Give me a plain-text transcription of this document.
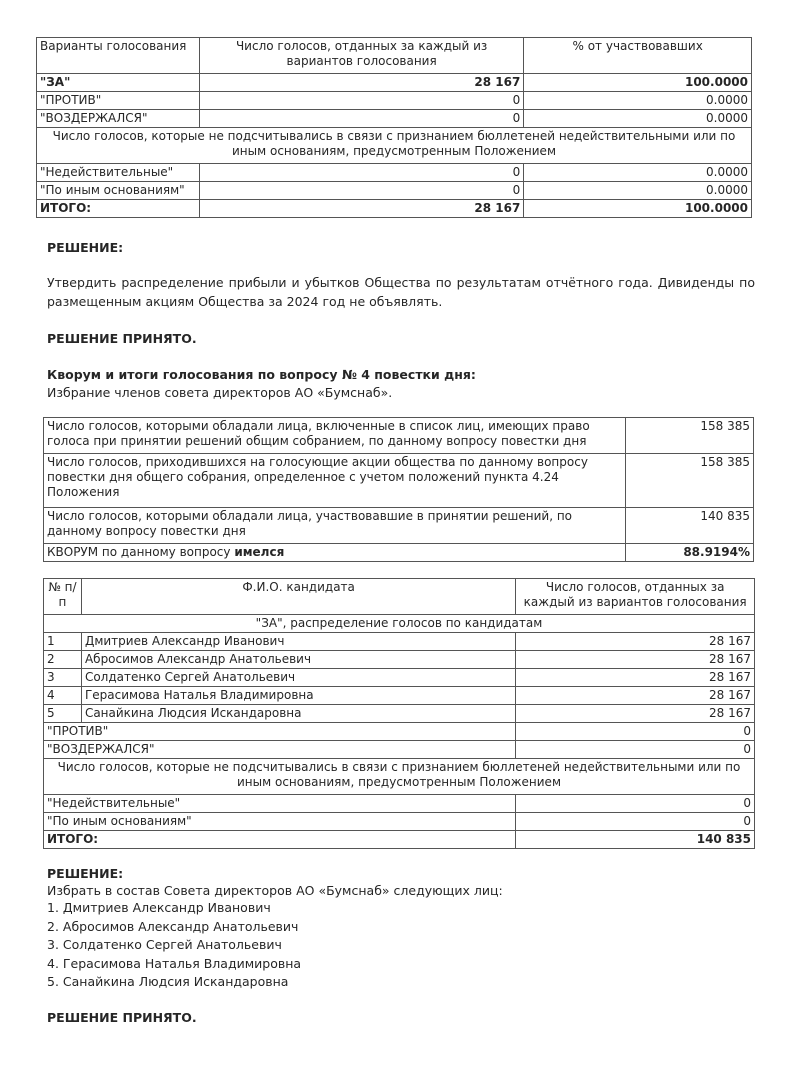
Варианты голосования	Число голосов, отданных за каждый из вариантов голосования	% от участвовавших
"ЗА"	28 167	100.0000
"ПРОТИВ"	0	0.0000
"ВОЗДЕРЖАЛСЯ"	0	0.0000
Число голосов, которые не подсчитывались в связи с признанием бюллетеней недействительными или по иным основаниям, предусмотренным Положением		
"Недействительные"	0	0.0000
"По иным основаниям"	0	0.0000
ИТОГО:	28 167	100.0000
РЕШЕНИЕ:
Утвердить распределение прибыли и убытков Общества по результатам отчётного года. Дивиденды по размещенным акциям Общества за 2024 год не объявлять.
РЕШЕНИЕ ПРИНЯТО.
Кворум и итоги голосования по вопросу № 4 повестки дня:
Избрание членов совета директоров АО «Бумснаб».
Число голосов, которыми обладали лица, включенные в список лиц, имеющих право голоса при принятии решений общим собранием, по данному вопросу повестки дня	158 385
Число голосов, приходившихся на голосующие акции общества по данному вопросу повестки дня общего собрания, определенное с учетом положений пункта 4.24 Положения	158 385
Число голосов, которыми обладали лица, участвовавшие в принятии решений, по данному вопросу повестки дня	140 835
КВОРУМ по данному вопросу имелся	88.9194%
№ п/п	Ф.И.О. кандидата	Число голосов, отданных за каждый из вариантов голосования
"ЗА", распределение голосов по кандидатам		
1	Дмитриев Александр Иванович	28 167
2	Абросимов Александр Анатольевич	28 167
3	Солдатенко Сергей Анатольевич	28 167
4	Герасимова Наталья Владимировна	28 167
5	Санайкина Людсия Искандаровна	28 167
"ПРОТИВ"		0
"ВОЗДЕРЖАЛСЯ"		0
Число голосов, которые не подсчитывались в связи с признанием бюллетеней недействительными или по иным основаниям, предусмотренным Положением		
"Недействительные"		0
"По иным основаниям"		0
ИТОГО:		140 835
РЕШЕНИЕ:
Избрать в состав Совета директоров АО «Бумснаб» следующих лиц:
1. Дмитриев Александр Иванович
2. Абросимов Александр Анатольевич
3. Солдатенко Сергей Анатольевич
4. Герасимова Наталья Владимировна
5. Санайкина Людсия Искандаровна
РЕШЕНИЕ ПРИНЯТО.
